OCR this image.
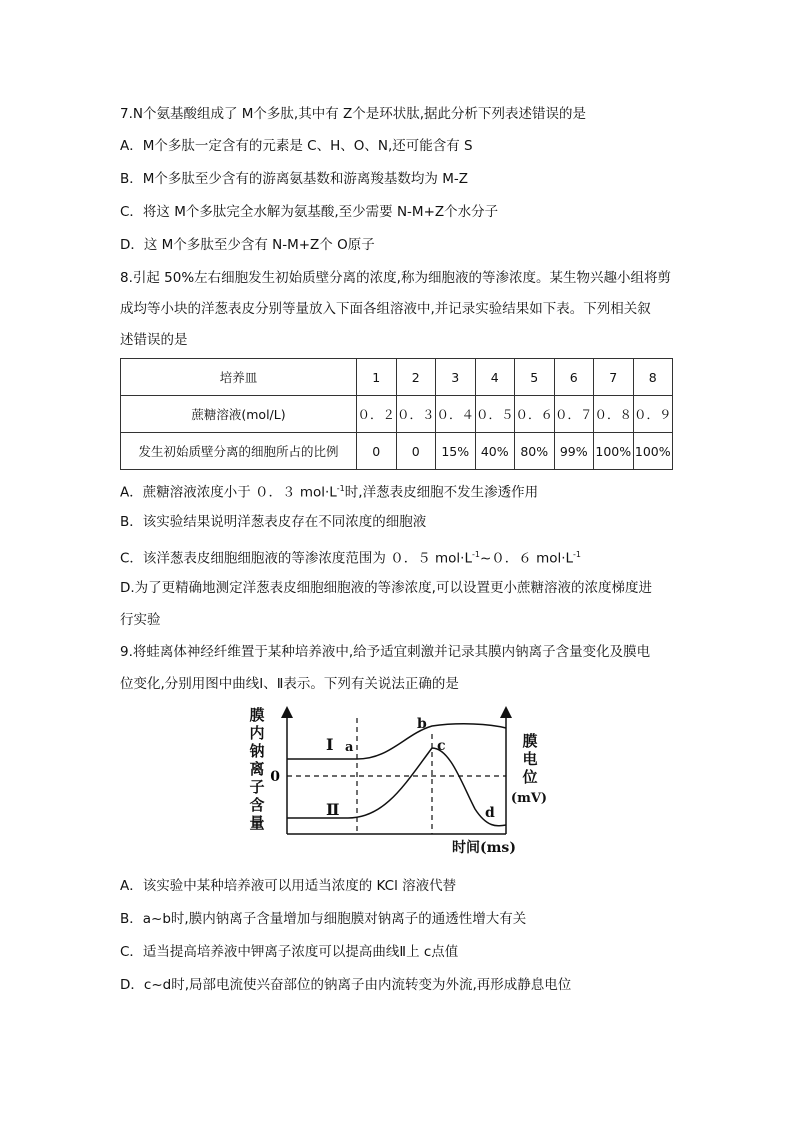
7.N个氨基酸组成了 M个多肽,其中有 Z个是环状肽,据此分析下列表述错误的是
A．M个多肽一定含有的元素是 C、H、O、N,还可能含有 S
B．M个多肽至少含有的游离氨基数和游离羧基数均为 M-Z
C．将这 M个多肽完全水解为氨基酸,至少需要 N-M+Z个水分子
D．这 M个多肽至少含有 N-M+Z个 O原子
8.引起 50%左右细胞发生初始质壁分离的浓度,称为细胞液的等渗浓度。某生物兴趣小组将剪
成均等小块的洋葱表皮分别等量放入下面各组溶液中,并记录实验结果如下表。下列相关叙
述错误的是
培养皿	1	2	3	4	5	6	7	8
蔗糖溶液(mol/L)	０．２	０．３	０．４	０．５	０．６	０．７	０．８	０．９
发生初始质壁分离的细胞所占的比例	0	0	15%	40%	80%	99%	100%	100%
A．蔗糖溶液浓度小于 ０．３ $mol\cdot L^{-1}$时,洋葱表皮细胞不发生渗透作用
B．该实验结果说明洋葱表皮存在不同浓度的细胞液
C．该洋葱表皮细胞细胞液的等渗浓度范围为 ０．５ $mol\cdot L^{-1}\sim 0$．６ $mol\cdot L^{-1}$
D.为了更精确地测定洋葱表皮细胞细胞液的等渗浓度,可以设置更小蔗糖溶液的浓度梯度进
行实验
9.将蛙离体神经纤维置于某种培养液中,给予适宜刺激并记录其膜内钠离子含量变化及膜电
位变化,分别用图中曲线Ⅰ、Ⅱ表示。下列有关说法正确的是
膜
内
钠
离
子
含
量
膜
电
位
(mV)
0
Ⅰ
Ⅱ
a
b
c
d
时间(ms)
A．该实验中某种培养液可以用适当浓度的 KCl 溶液代替
B．a~b时,膜内钠离子含量增加与细胞膜对钠离子的通透性增大有关
C．适当提高培养液中钾离子浓度可以提高曲线Ⅱ上 c点值
D．c~d时,局部电流使兴奋部位的钠离子由内流转变为外流,再形成静息电位
